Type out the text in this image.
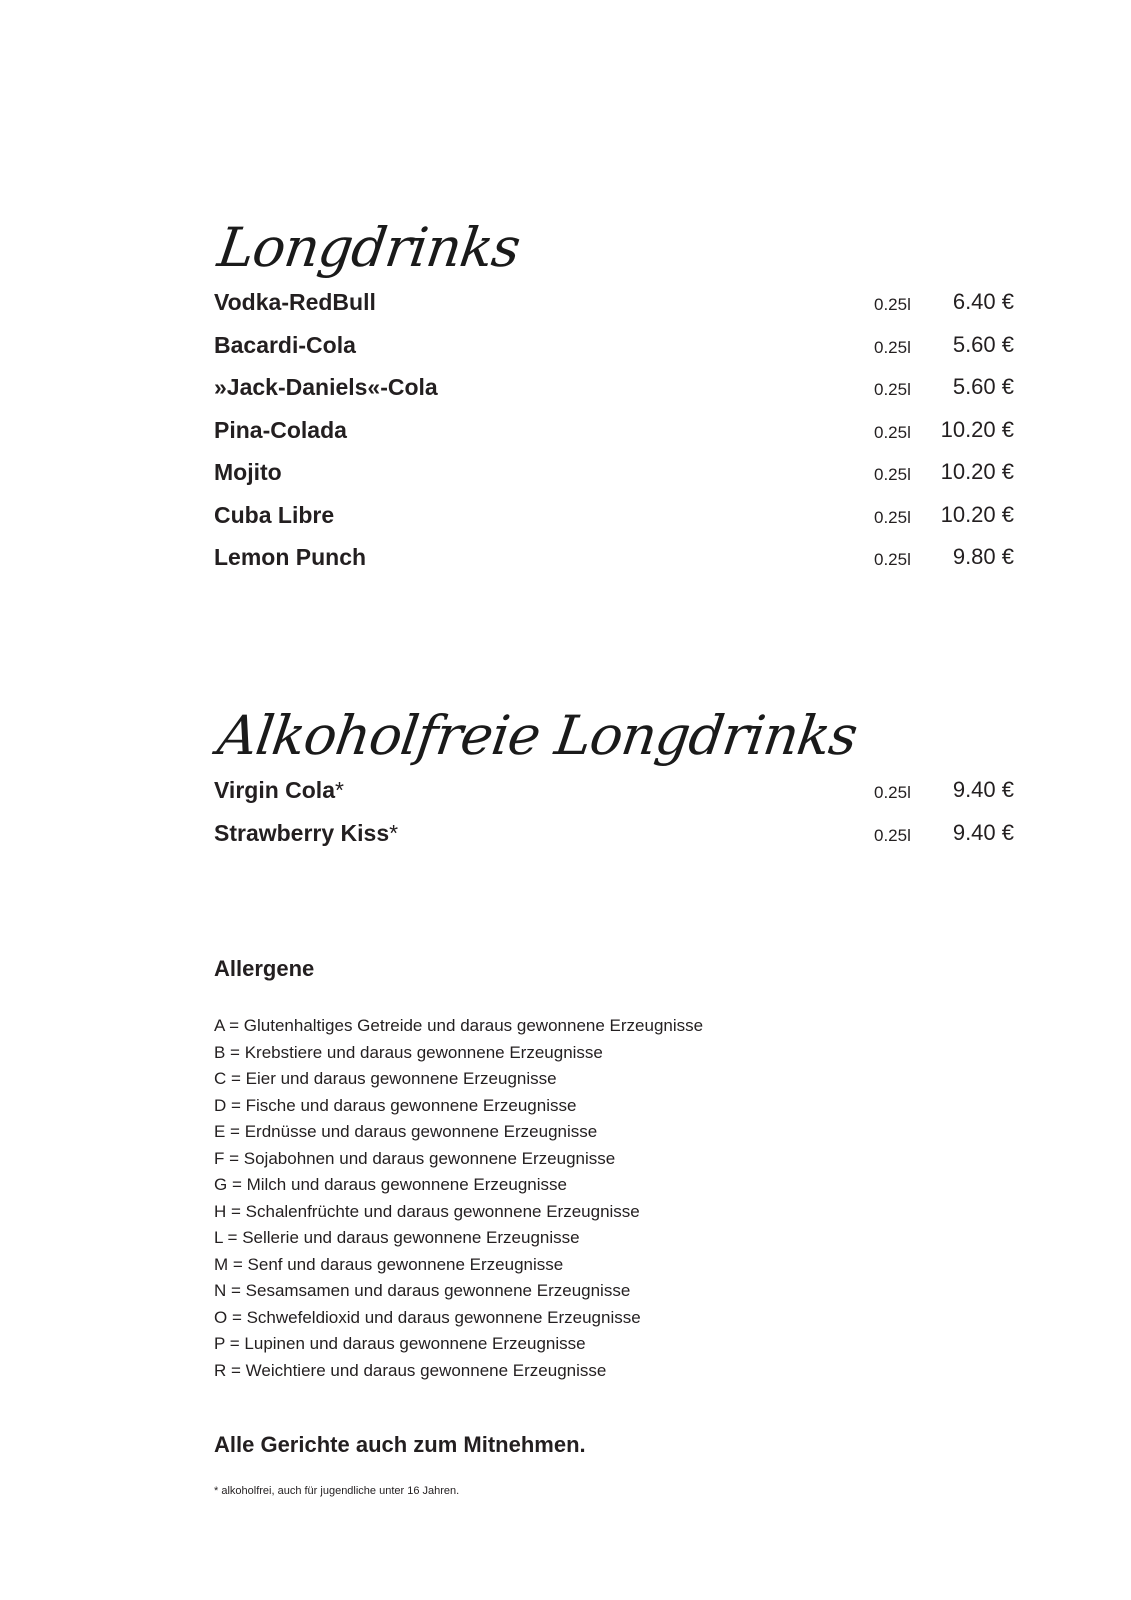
Longdrinks
Vodka-RedBull	0.25l	6.40 €
Bacardi-Cola	0.25l	5.60 €
»Jack-Daniels«-Cola	0.25l	5.60 €
Pina-Colada	0.25l	10.20 €
Mojito	0.25l	10.20 €
Cuba Libre	0.25l	10.20 €
Lemon Punch	0.25l	9.80 €
Alkoholfreie Longdrinks
Virgin Cola*	0.25l	9.40 €
Strawberry Kiss*	0.25l	9.40 €
Allergene
A = Glutenhaltiges Getreide und daraus gewonnene Erzeugnisse
B = Krebstiere und daraus gewonnene Erzeugnisse
C = Eier und daraus gewonnene Erzeugnisse
D = Fische und daraus gewonnene Erzeugnisse
E = Erdnüsse und daraus gewonnene Erzeugnisse
F = Sojabohnen und daraus gewonnene Erzeugnisse
G = Milch und daraus gewonnene Erzeugnisse
H = Schalenfrüchte und daraus gewonnene Erzeugnisse
L = Sellerie und daraus gewonnene Erzeugnisse
M = Senf und daraus gewonnene Erzeugnisse
N = Sesamsamen und daraus gewonnene Erzeugnisse
O = Schwefeldioxid und daraus gewonnene Erzeugnisse
P = Lupinen und daraus gewonnene Erzeugnisse
R = Weichtiere und daraus gewonnene Erzeugnisse

Alle Gerichte auch zum Mitnehmen.

* alkoholfrei, auch für jugendliche unter 16 Jahren.
